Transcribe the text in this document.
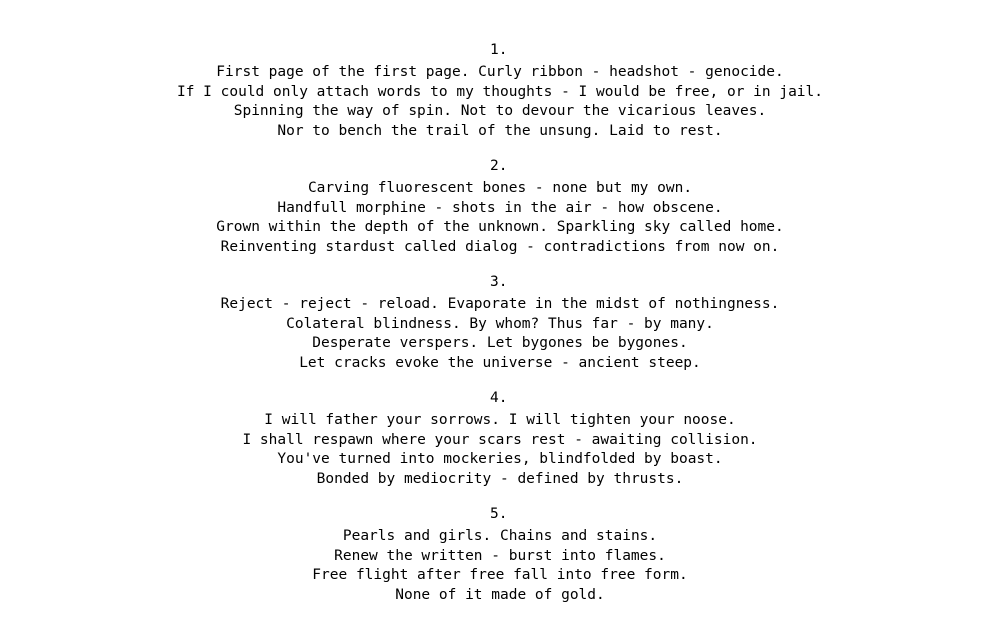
1.
First page of the first page. Curly ribbon - headshot - genocide.
If I could only attach words to my thoughts - I would be free, or in jail.
Spinning the way of spin. Not to devour the vicarious leaves.
Nor to bench the trail of the unsung. Laid to rest.
2.
Carving fluorescent bones - none but my own.
Handfull morphine - shots in the air - how obscene.
Grown within the depth of the unknown. Sparkling sky called home.
Reinventing stardust called dialog - contradictions from now on.
3.
Reject - reject - reload. Evaporate in the midst of nothingness.
Colateral blindness. By whom? Thus far - by many.
Desperate verspers. Let bygones be bygones.
Let cracks evoke the universe - ancient steep.
4.
I will father your sorrows. I will tighten your noose.
I shall respawn where your scars rest - awaiting collision.
You've turned into mockeries, blindfolded by boast.
Bonded by mediocrity - defined by thrusts.
5.
Pearls and girls. Chains and stains.
Renew the written - burst into flames.
Free flight after free fall into free form.
None of it made of gold.
